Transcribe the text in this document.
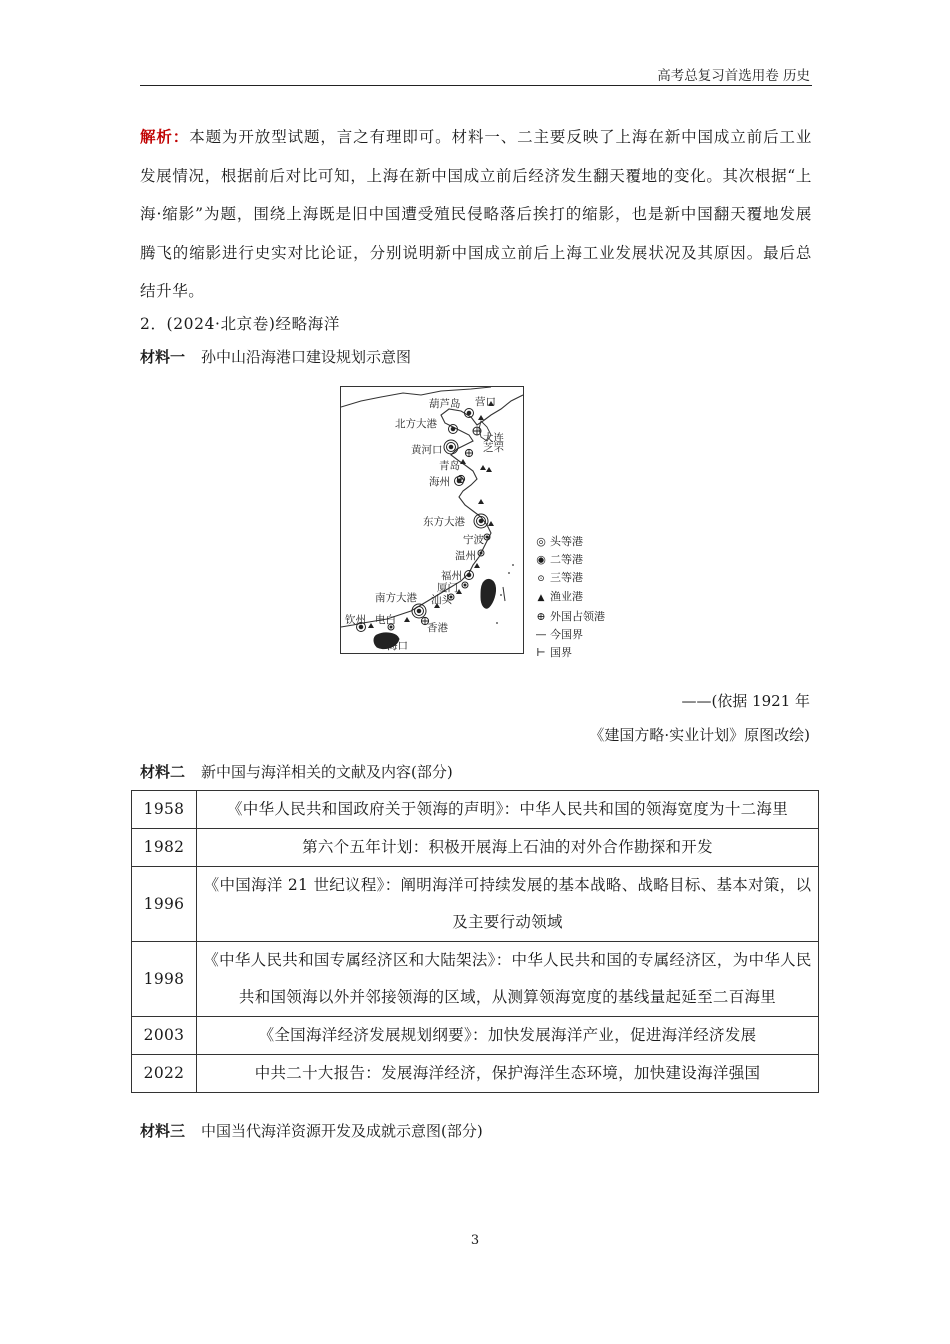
高考总复习首选用卷 历史
解析：本题为开放型试题，言之有理即可。材料一、二主要反映了上海在新中国成立前后工业发展情况，根据前后对比可知，上海在新中国成立前后经济发生翻天覆地的变化。其次根据“上海·缩影”为题，围绕上海既是旧中国遭受殖民侵略落后挨打的缩影，也是新中国翻天覆地发展腾飞的缩影进行史实对比论证，分别说明新中国成立前后上海工业发展状况及其原因。最后总结升华。
2．(2024·北京卷)经略海洋
材料一 孙中山沿海港口建设规划示意图
葫芦岛 营口
北方大港
大连
黄河口	芝罘
青岛
海州
东方大港
宁波
温州
福州
厦门
汕头
南方大港
钦州 电白
香港
海口
◎ 头等港
◉ 二等港
⊙ 三等港
▲ 渔业港
⊕ 外国占领港
— 今国界
⊢ 国界
——(依据 1921 年
《建国方略·实业计划》原图改绘)
材料二 新中国与海洋相关的文献及内容(部分)
1958	《中华人民共和国政府关于领海的声明》：中华人民共和国的领海宽度为十二海里
1982	第六个五年计划：积极开展海上石油的对外合作勘探和开发
1996	《中国海洋 21 世纪议程》：阐明海洋可持续发展的基本战略、战略目标、基本对策，以及主要行动领域
1998	《中华人民共和国专属经济区和大陆架法》：中华人民共和国的专属经济区，为中华人民共和国领海以外并邻接领海的区域，从测算领海宽度的基线量起延至二百海里
2003	《全国海洋经济发展规划纲要》：加快发展海洋产业，促进海洋经济发展
2022	中共二十大报告：发展海洋经济，保护海洋生态环境，加快建设海洋强国
材料三 中国当代海洋资源开发及成就示意图(部分)
3
